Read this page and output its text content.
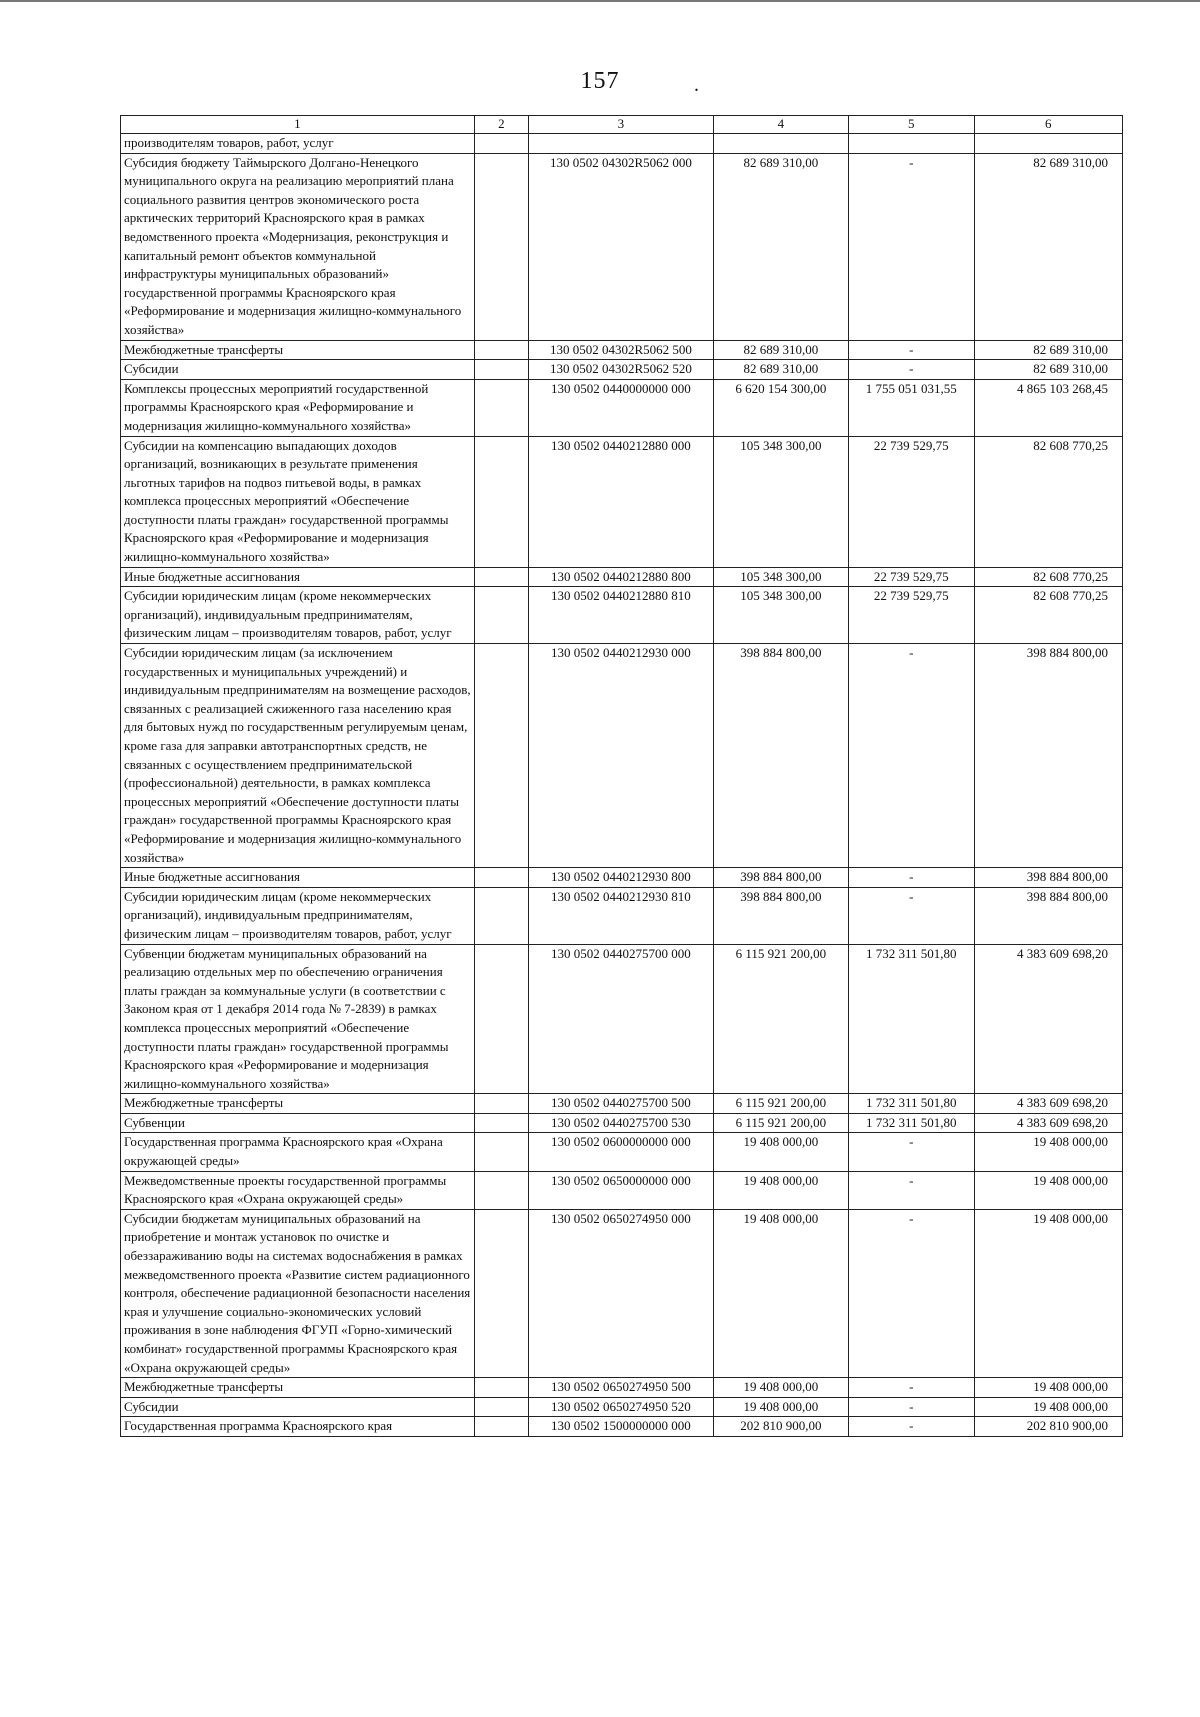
157	.
1	2	3	4	5	6
производителям товаров, работ, услуг					
Субсидия бюджету Таймырского Долгано-Ненецкого муниципального округа на реализацию мероприятий плана социального развития центров экономического роста арктических территорий Красноярского края в рамках ведомственного проекта «Модернизация, реконструкция и капитальный ремонт объектов коммунальной инфраструктуры муниципальных образований» государственной программы Красноярского края «Реформирование и модернизация жилищно-коммунального хозяйства»		130 0502 04302R5062 000	82 689 310,00	-	82 689 310,00
Межбюджетные трансферты		130 0502 04302R5062 500	82 689 310,00	-	82 689 310,00
Субсидии		130 0502 04302R5062 520	82 689 310,00	-	82 689 310,00
Комплексы процессных мероприятий государственной программы Красноярского края «Реформирование и модернизация жилищно-коммунального хозяйства»		130 0502 0440000000 000	6 620 154 300,00	1 755 051 031,55	4 865 103 268,45
Субсидии на компенсацию выпадающих доходов организаций, возникающих в результате применения льготных тарифов на подвоз питьевой воды, в рамках комплекса процессных мероприятий «Обеспечение доступности платы граждан» государственной программы Красноярского края «Реформирование и модернизация жилищно-коммунального хозяйства»		130 0502 0440212880 000	105 348 300,00	22 739 529,75	82 608 770,25
Иные бюджетные ассигнования		130 0502 0440212880 800	105 348 300,00	22 739 529,75	82 608 770,25
Субсидии юридическим лицам (кроме некоммерческих организаций), индивидуальным предпринимателям, физическим лицам – производителям товаров, работ, услуг		130 0502 0440212880 810	105 348 300,00	22 739 529,75	82 608 770,25
Субсидии юридическим лицам (за исключением государственных и муниципальных учреждений) и индивидуальным предпринимателям на возмещение расходов, связанных с реализацией сжиженного газа населению края для бытовых нужд по государственным регулируемым ценам, кроме газа для заправки автотранспортных средств, не связанных с осуществлением предпринимательской (профессиональной) деятельности, в рамках комплекса процессных мероприятий «Обеспечение доступности платы граждан» государственной программы Красноярского края «Реформирование и модернизация жилищно-коммунального хозяйства»		130 0502 0440212930 000	398 884 800,00	-	398 884 800,00
Иные бюджетные ассигнования		130 0502 0440212930 800	398 884 800,00	-	398 884 800,00
Субсидии юридическим лицам (кроме некоммерческих организаций), индивидуальным предпринимателям, физическим лицам – производителям товаров, работ, услуг		130 0502 0440212930 810	398 884 800,00	-	398 884 800,00
Субвенции бюджетам муниципальных образований на реализацию отдельных мер по обеспечению ограничения платы граждан за коммунальные услуги (в соответствии с Законом края от 1 декабря 2014 года № 7-2839) в рамках комплекса процессных мероприятий «Обеспечение доступности платы граждан» государственной программы Красноярского края «Реформирование и модернизация жилищно-коммунального хозяйства»		130 0502 0440275700 000	6 115 921 200,00	1 732 311 501,80	4 383 609 698,20
Межбюджетные трансферты		130 0502 0440275700 500	6 115 921 200,00	1 732 311 501,80	4 383 609 698,20
Субвенции		130 0502 0440275700 530	6 115 921 200,00	1 732 311 501,80	4 383 609 698,20
Государственная программа Красноярского края «Охрана окружающей среды»		130 0502 0600000000 000	19 408 000,00	-	19 408 000,00
Межведомственные проекты государственной программы Красноярского края «Охрана окружающей среды»		130 0502 0650000000 000	19 408 000,00	-	19 408 000,00
Субсидии бюджетам муниципальных образований на приобретение и монтаж установок по очистке и обеззараживанию воды на системах водоснабжения в рамках межведомственного проекта «Развитие систем радиационного контроля, обеспечение радиационной безопасности населения края и улучшение социально-экономических условий проживания в зоне наблюдения ФГУП «Горно-химический комбинат» государственной программы Красноярского края «Охрана окружающей среды»		130 0502 0650274950 000	19 408 000,00	-	19 408 000,00
Межбюджетные трансферты		130 0502 0650274950 500	19 408 000,00	-	19 408 000,00
Субсидии		130 0502 0650274950 520	19 408 000,00	-	19 408 000,00
Государственная программа Красноярского края		130 0502 1500000000 000	202 810 900,00	-	202 810 900,00
